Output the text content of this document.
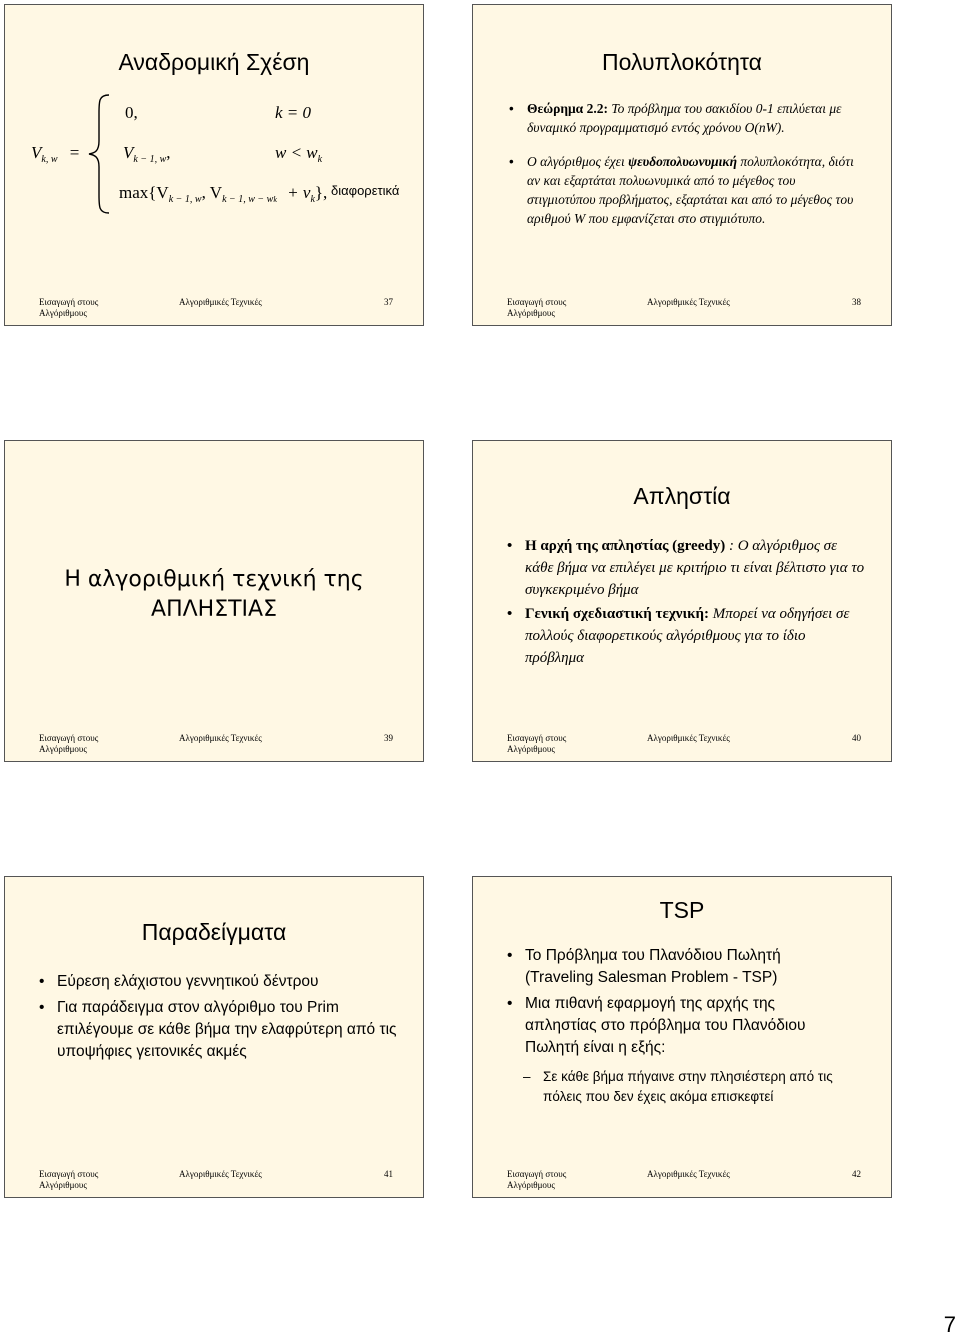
Αναδρομική Σχέση
$V_{k, w}$ =
0,	k = 0
$V_{k - 1, w}$,	$w < w_k$
$\max\{V_{k - 1, w}$, $V_{k - 1, w - wk} + v_k$}, διαφορετικά
Εισαγωγή στους Αλγόριθμους
Αλγοριθμικές Τεχνικές	37
Πολυπλοκότητα
• Θεώρημα 2.2: Το πρόβλημα του σακιδίου 0-1 επιλύεται με δυναμικό προγραμματισμό εντός χρόνου O(nW).
• Ο αλγόριθμος έχει ψευδοπολυωνυμική πολυπλοκότητα, διότι αν και εξαρτάται πολυωνυμικά από το μέγεθος του στιγμιοτύπου προβλήματος, εξαρτάται και από το μέγεθος του αριθμού W που εμφανίζεται στο στιγμιότυπο.
Εισαγωγή στους Αλγόριθμους
Αλγοριθμικές Τεχνικές	38
Η αλγοριθμική τεχνική της
ΑΠΛΗΣΤΙΑΣ
Εισαγωγή στους Αλγόριθμους
Αλγοριθμικές Τεχνικές	39
Απληστία
• Η αρχή της απληστίας (greedy) : Ο αλγόριθμος σε κάθε βήμα να επιλέγει με κριτήριο τι είναι βέλτιστο για το συγκεκριμένο βήμα
• Γενική σχεδιαστική τεχνική: Μπορεί να οδηγήσει σε πολλούς διαφορετικούς αλγόριθμους για το ίδιο πρόβλημα
Εισαγωγή στους Αλγόριθμους
Αλγοριθμικές Τεχνικές	40
Παραδείγματα
• Εύρεση ελάχιστου γεννητικού δέντρου
• Για παράδειγμα στον αλγόριθμο του Prim επιλέγουμε σε κάθε βήμα την ελαφρύτερη από τις υποψήφιες γειτονικές ακμές
Εισαγωγή στους Αλγόριθμους
Αλγοριθμικές Τεχνικές	41
TSP
• Το Πρόβλημα του Πλανόδιου Πωλητή (Traveling Salesman Problem - TSP)
• Μια πιθανή εφαρμογή της αρχής της απληστίας στο πρόβλημα του Πλανόδιου Πωλητή είναι η εξής:
– Σε κάθε βήμα πήγαινε στην πλησιέστερη από τις πόλεις που δεν έχεις ακόμα επισκεφτεί
Εισαγωγή στους Αλγόριθμους
Αλγοριθμικές Τεχνικές	42
7
